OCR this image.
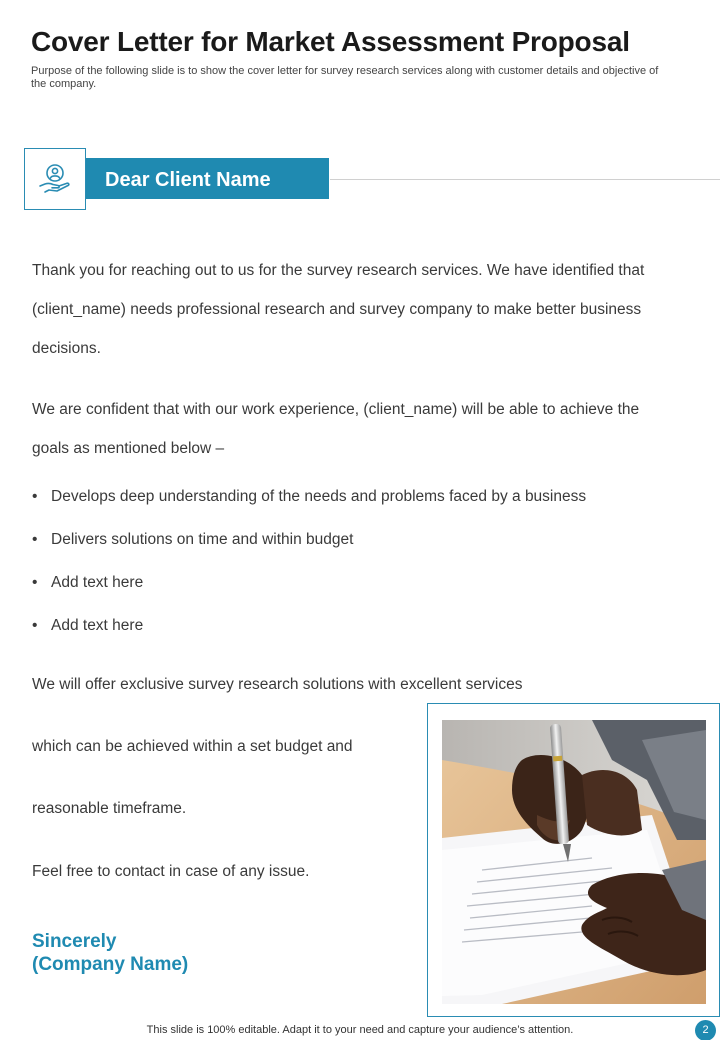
Cover Letter for Market Assessment Proposal
Purpose of the following slide is to show the cover letter for survey research services along with customer details and objective of the company.
Dear Client Name
Thank you for reaching out to us for the survey research services. We have identified that
(client_name) needs professional research and survey company to make better business
decisions.
We are confident that with our work experience, (client_name) will be able to achieve the
goals as mentioned below –
• Develops deep understanding of the needs and problems faced by a business
• Delivers solutions on time and within budget
• Add text here
• Add text here
We will offer exclusive survey research solutions with excellent services
which can be achieved within a set budget and
reasonable timeframe.
Feel free to contact in case of any issue.
Sincerely
(Company Name)
This slide is 100% editable. Adapt it to your need and capture your audience’s attention.	2
